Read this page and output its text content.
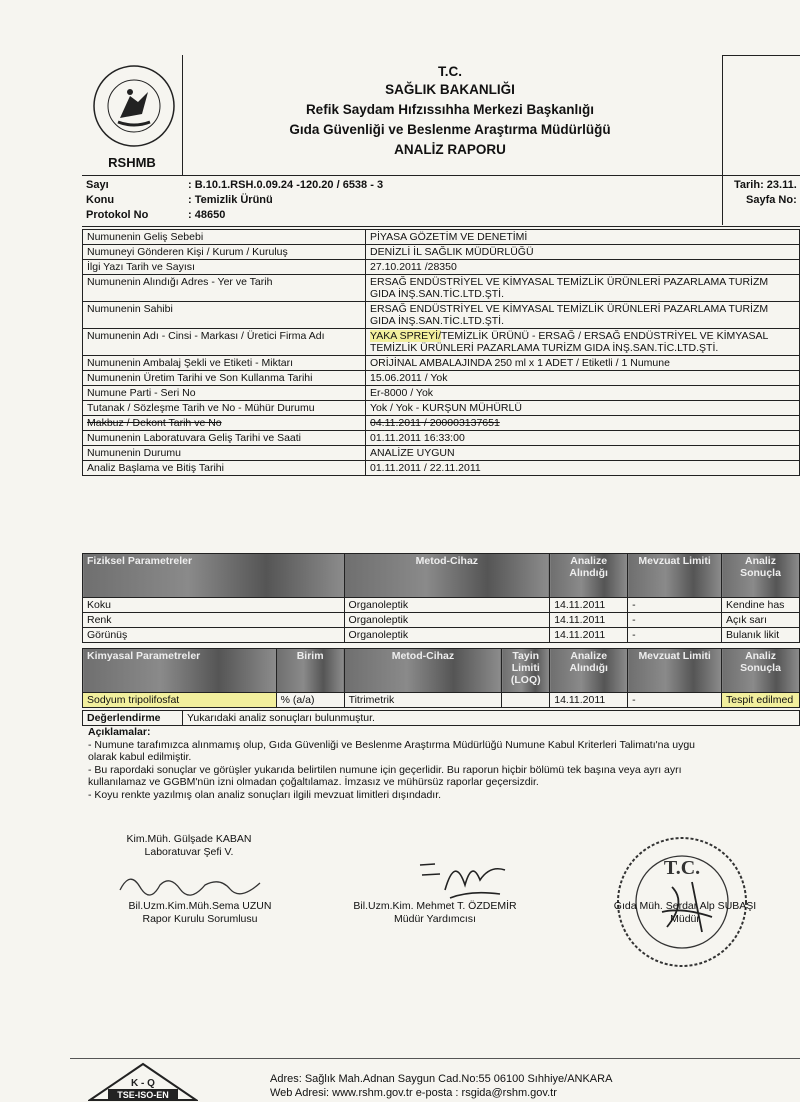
RSHMB
T.C.
SAĞLIK BAKANLIĞI
Refik Saydam Hıfzıssıhha Merkezi Başkanlığı
Gıda Güvenliği ve Beslenme Araştırma Müdürlüğü
ANALİZ RAPORU
Sayı	: B.10.1.RSH.0.09.24 -120.20 / 6538 - 3
Konu	: Temizlik Ürünü
Protokol No	: 48650
Tarih: 23.11.
Sayfa No:
Numunenin Geliş Sebebi	PİYASA GÖZETİM VE DENETİMİ
Numuneyi Gönderen Kişi / Kurum / Kuruluş	DENİZLİ İL SAĞLIK MÜDÜRLÜĞÜ
İlgi Yazı Tarih ve Sayısı	27.10.2011 /28350
Numunenin Alındığı Adres - Yer ve Tarih	ERSAĞ ENDÜSTRİYEL VE KİMYASAL TEMİZLİK ÜRÜNLERİ PAZARLAMA TURİZM GIDA İNŞ.SAN.TİC.LTD.ŞTİ.
Numunenin Sahibi	ERSAĞ ENDÜSTRİYEL VE KİMYASAL TEMİZLİK ÜRÜNLERİ PAZARLAMA TURİZM GIDA İNŞ.SAN.TİC.LTD.ŞTİ.
Numunenin Adı - Cinsi - Markası / Üretici Firma Adı	YAKA SPREYİ/TEMİZLİK ÜRÜNÜ - ERSAĞ / ERSAĞ ENDÜSTRİYEL VE KİMYASAL TEMİZLİK ÜRÜNLERİ PAZARLAMA TURİZM GIDA İNŞ.SAN.TİC.LTD.ŞTİ.
Numunenin Ambalaj Şekli ve Etiketi - Miktarı	ORİJİNAL AMBALAJINDA 250 ml x 1 ADET / Etiketli / 1 Numune
Numunenin Üretim Tarihi ve Son Kullanma Tarihi	15.06.2011 / Yok
Numune Parti - Seri No	Er-8000 / Yok
Tutanak / Sözleşme Tarih ve No - Mühür Durumu	Yok / Yok - KURŞUN MÜHÜRLÜ
Makbuz / Dekont Tarih ve No	04.11.2011 / 200003137651
Numunenin Laboratuvara Geliş Tarihi ve Saati	01.11.2011 16:33:00
Numunenin Durumu	ANALİZE UYGUN
Analiz Başlama ve Bitiş Tarihi	01.11.2011 / 22.11.2011
Fiziksel Parametreler	Metod-Cihaz	Analize Alındığı	Mevzuat Limiti	Analiz Sonuçla
Koku	Organoleptik	14.11.2011	-	Kendine has
Renk	Organoleptik	14.11.2011	-	Açık sarı
Görünüş	Organoleptik	14.11.2011	-	Bulanık likit
Kimyasal Parametreler	Birim	Metod-Cihaz	Tayin Limiti (LOQ)	Analize Alındığı	Mevzuat Limiti	Analiz Sonuçla
Sodyum tripolifosfat	% (a/a)	Titrimetrik		14.11.2011	-	Tespit edilmed
Değerlendirme	Yukarıdaki analiz sonuçları bulunmuştur.
Açıklamalar:
- Numune tarafımızca alınmamış olup, Gıda Güvenliği ve Beslenme Araştırma Müdürlüğü Numune Kabul Kriterleri Talimatı'na uygu
olarak kabul edilmiştir.
- Bu rapordaki sonuçlar ve görüşler yukarıda belirtilen numune için geçerlidir. Bu raporun hiçbir bölümü tek başına veya ayrı ayrı
kullanılamaz ve GGBM'nün izni olmadan çoğaltılamaz. İmzasız ve mühürsüz raporlar geçersizdir.
- Koyu renkte yazılmış olan analiz sonuçları ilgili mevzuat limitleri dışındadır.
Kim.Müh. Gülşade KABAN
Laboratuvar Şefi V.
Bil.Uzm.Kim.Müh.Sema UZUN
Rapor Kurulu Sorumlusu
Bil.Uzm.Kim. Mehmet T. ÖZDEMİR
Müdür Yardımcısı
T.C.
Gıda Müh. Serdar Alp SUBAŞI
Müdür
K - Q
TSE-ISO-EN
Adres: Sağlık Mah.Adnan Saygun Cad.No:55 06100 Sıhhiye/ANKARA
Web Adresi: www.rshm.gov.tr e-posta : rsgida@rshm.gov.tr
